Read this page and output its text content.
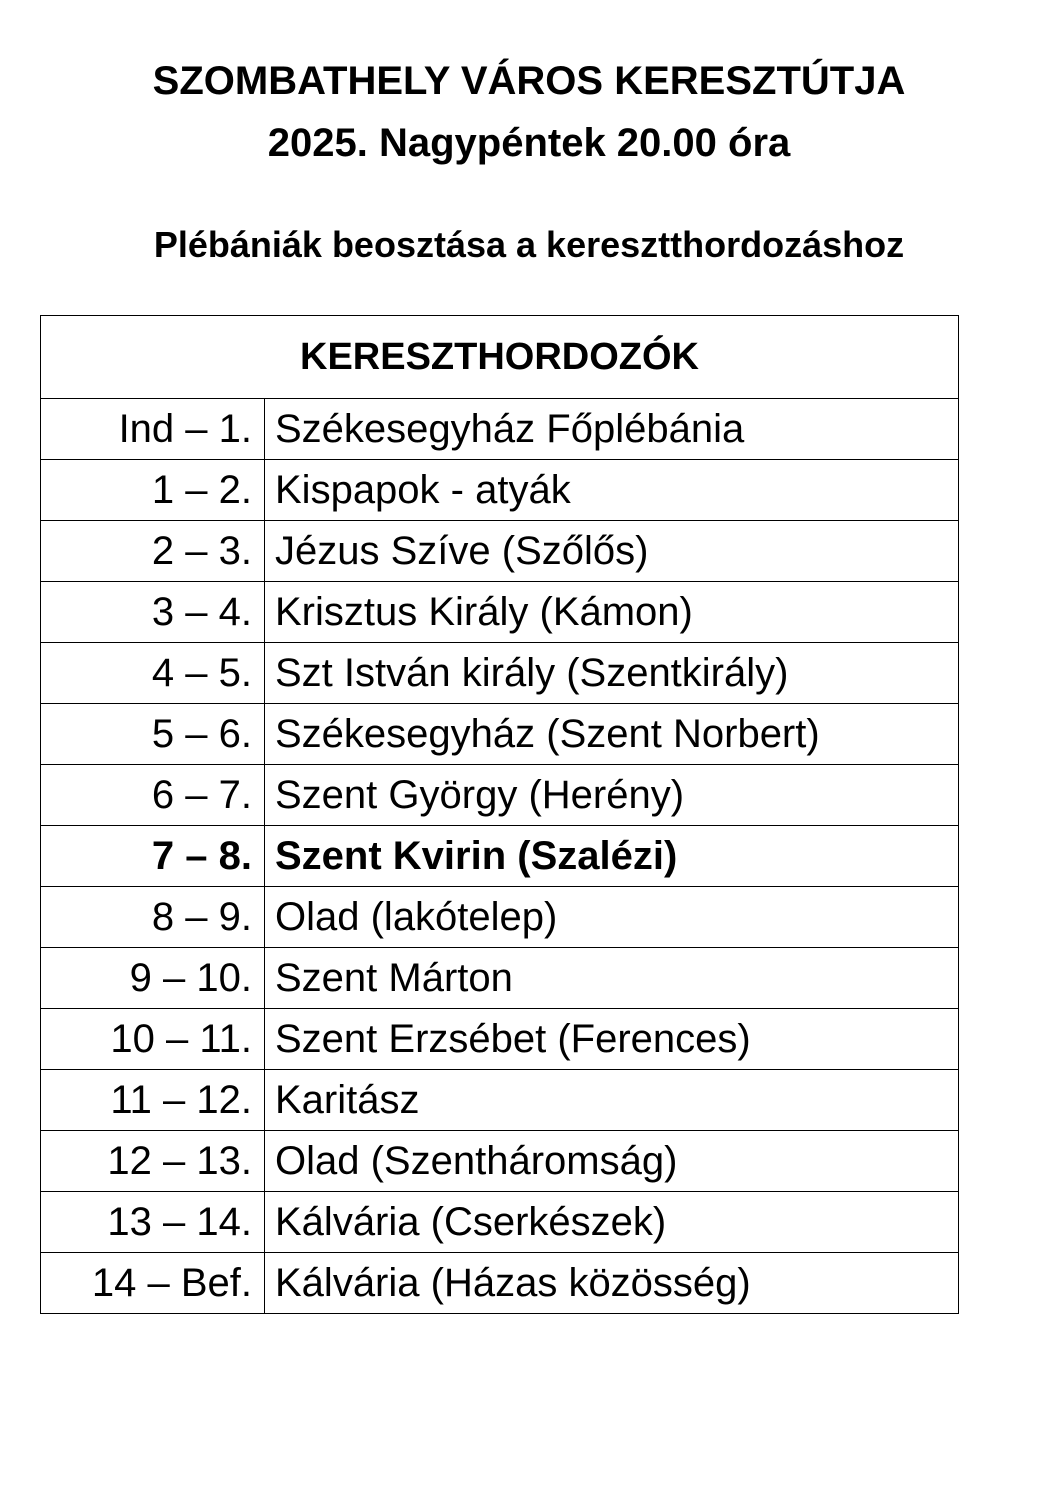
SZOMBATHELY VÁROS KERESZTÚTJA
2025. Nagypéntek 20.00 óra
Plébániák beosztása a keresztthordozáshoz
KERESZTHORDOZÓK	
Ind – 1.	Székesegyház Főplébánia
1 – 2.	Kispapok - atyák
2 – 3.	Jézus Szíve (Szőlős)
3 – 4.	Krisztus Király (Kámon)
4 – 5.	Szt István király (Szentkirály)
5 – 6.	Székesegyház (Szent Norbert)
6 – 7.	Szent György (Herény)
7 – 8.	Szent Kvirin (Szalézi)
8 – 9.	Olad (lakótelep)
9 – 10.	Szent Márton
10 – 11.	Szent Erzsébet (Ferences)
11 – 12.	Karitász
12 – 13.	Olad (Szentháromság)
13 – 14.	Kálvária (Cserkészek)
14 – Bef.	Kálvária (Házas közösség)
